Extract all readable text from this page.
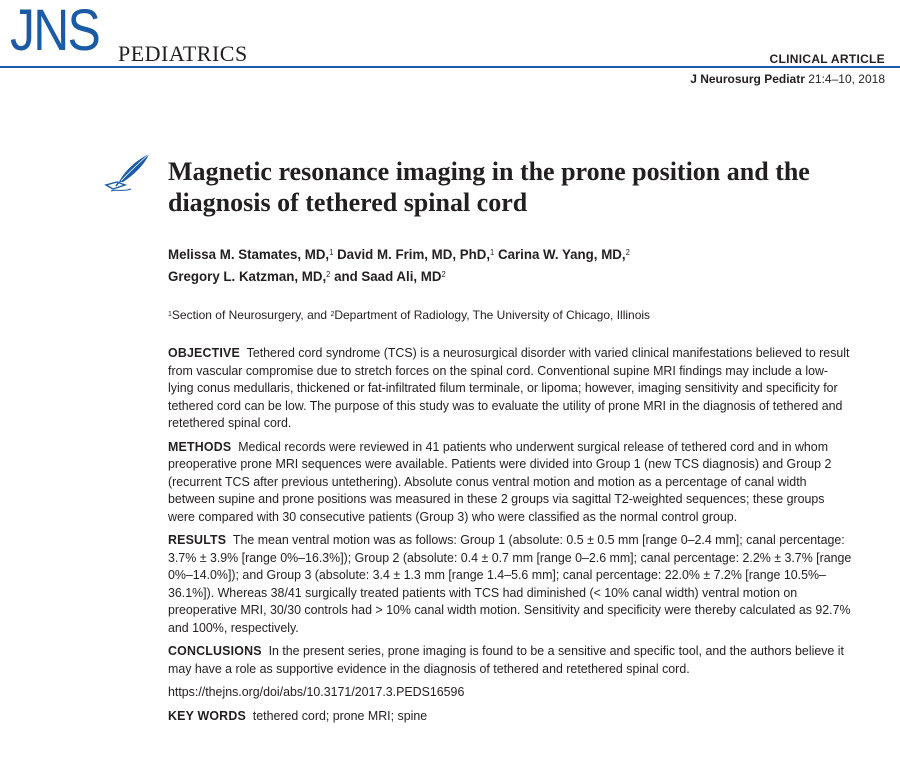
JNS PEDIATRICS	CLINICAL ARTICLE
J Neurosurg Pediatr 21:4–10, 2018
Magnetic resonance imaging in the prone position and the diagnosis of tethered spinal cord
Melissa M. Stamates, MD,$^1$ David M. Frim, MD, PhD,$^1$ Carina W. Yang, MD,$^2$
Gregory L. Katzman, MD,$^2$ and Saad Ali, $MD^2$
$^1$Section of Neurosurgery, and $^2$Department of Radiology, The University of Chicago, Illinois

OBJECTIVE Tethered cord syndrome (TCS) is a neurosurgical disorder with varied clinical manifestations believed to result from vascular compromise due to stretch forces on the spinal cord. Conventional supine MRI findings may include a low-lying conus medullaris, thickened or fat-infiltrated filum terminale, or lipoma; however, imaging sensitivity and specificity for tethered cord can be low. The purpose of this study was to evaluate the utility of prone MRI in the diagnosis of tethered and retethered spinal cord.

METHODS Medical records were reviewed in 41 patients who underwent surgical release of tethered cord and in whom preoperative prone MRI sequences were available. Patients were divided into Group 1 (new TCS diagnosis) and Group 2 (recurrent TCS after previous untethering). Absolute conus ventral motion and motion as a percentage of canal width between supine and prone positions was measured in these 2 groups via sagittal T2-weighted sequences; these groups were compared with 30 consecutive patients (Group 3) who were classified as the normal control group.

RESULTS The mean ventral motion was as follows: Group 1 (absolute: 0.5 ± 0.5 mm [range 0–2.4 mm]; canal percentage: 3.7% ± 3.9% [range 0%–16.3%]); Group 2 (absolute: 0.4 ± 0.7 mm [range 0–2.6 mm]; canal percentage: 2.2% ± 3.7% [range 0%–14.0%]); and Group 3 (absolute: 3.4 ± 1.3 mm [range 1.4–5.6 mm]; canal percentage: 22.0% ± 7.2% [range 10.5%–36.1%]). Whereas 38/41 surgically treated patients with TCS had diminished (< 10% canal width) ventral motion on preoperative MRI, 30/30 controls had > 10% canal width motion. Sensitivity and specificity were thereby calculated as 92.7% and 100%, respectively.

CONCLUSIONS In the present series, prone imaging is found to be a sensitive and specific tool, and the authors believe it may have a role as supportive evidence in the diagnosis of tethered and retethered spinal cord.

https://thejns.org/doi/abs/10.3171/2017.3.PEDS16596

KEY WORDS tethered cord; prone MRI; spine
